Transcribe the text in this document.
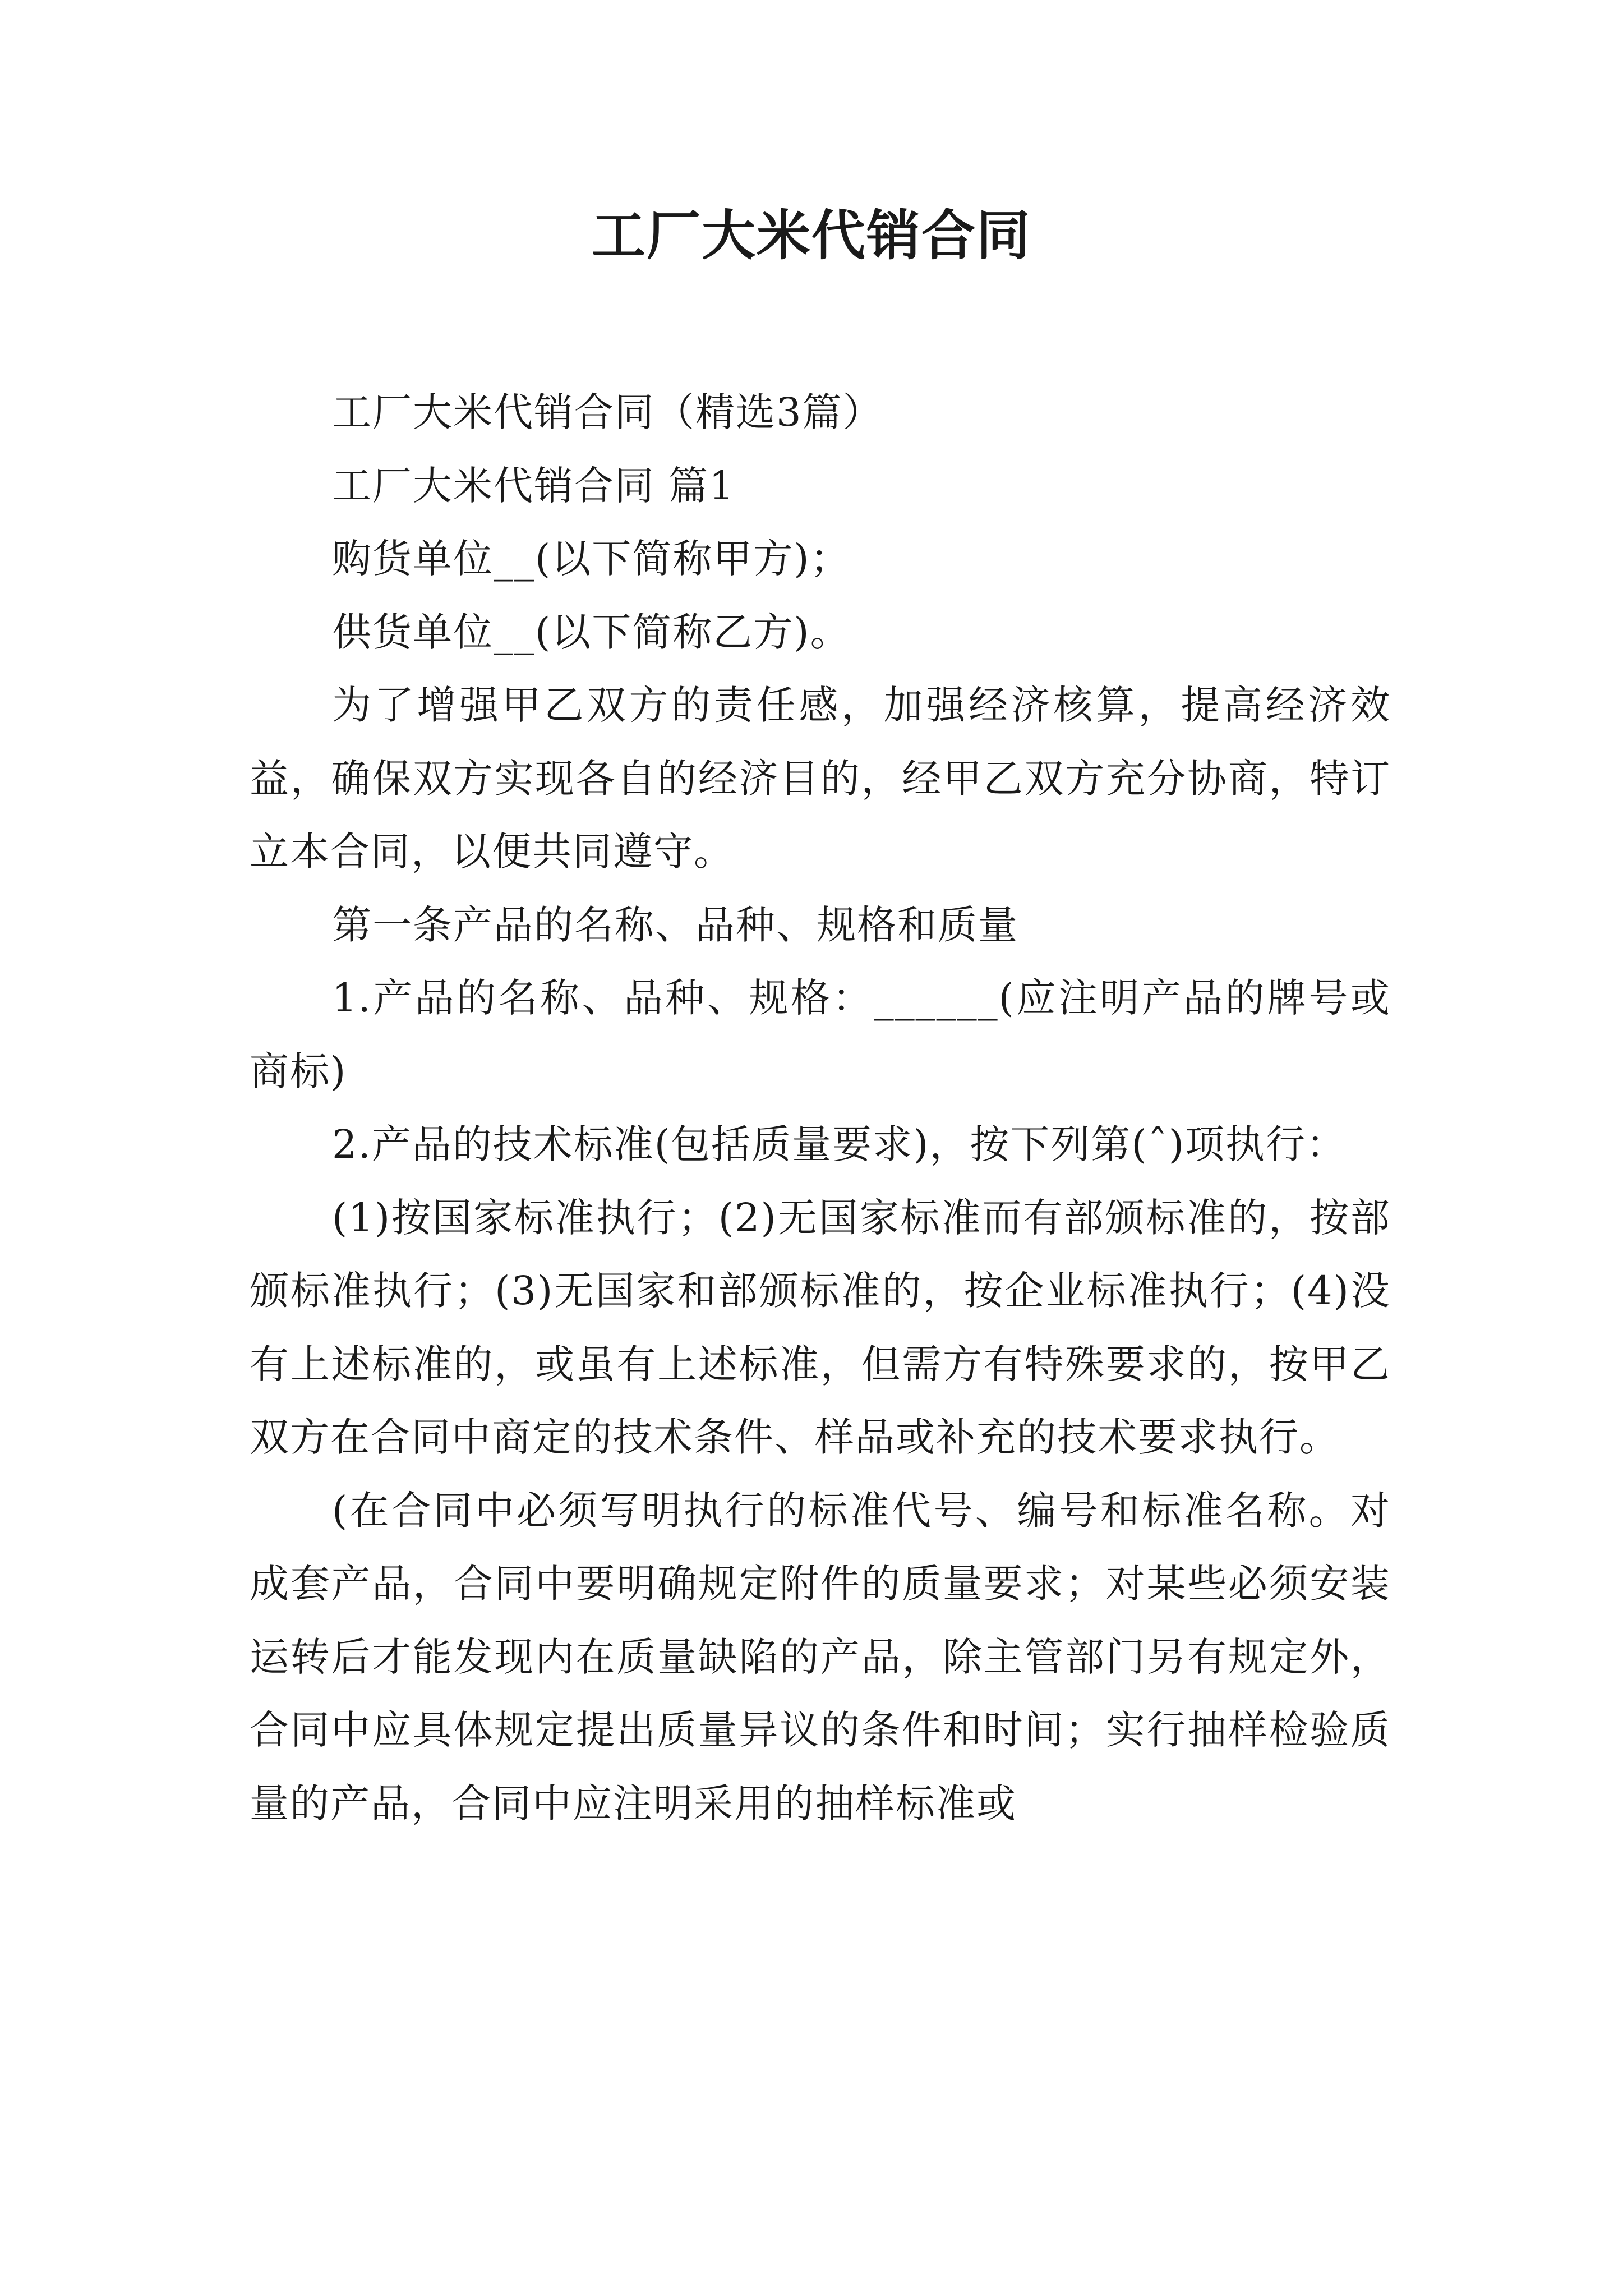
工厂大米代销合同

工厂大米代销合同（精选3篇）

工厂大米代销合同 篇1

购货单位__(以下简称甲方)；

供货单位__(以下简称乙方)。

为了增强甲乙双方的责任感，加强经济核算，提高经济效益，确保双方实现各自的经济目的，经甲乙双方充分协商，特订立本合同，以便共同遵守。

第一条产品的名称、品种、规格和质量

1.产品的名称、品种、规格：______(应注明产品的牌号或商标)

2.产品的技术标准(包括质量要求)，按下列第(ˆ)项执行：

(1)按国家标准执行；(2)无国家标准而有部颁标准的，按部颁标准执行；(3)无国家和部颁标准的，按企业标准执行；(4)没有上述标准的，或虽有上述标准，但需方有特殊要求的，按甲乙双方在合同中商定的技术条件、样品或补充的技术要求执行。

(在合同中必须写明执行的标准代号、编号和标准名称。对成套产品，合同中要明确规定附件的质量要求；对某些必须安装运转后才能发现内在质量缺陷的产品，除主管部门另有规定外，合同中应具体规定提出质量异议的条件和时间；实行抽样检验质量的产品，合同中应注明采用的抽样标准或
